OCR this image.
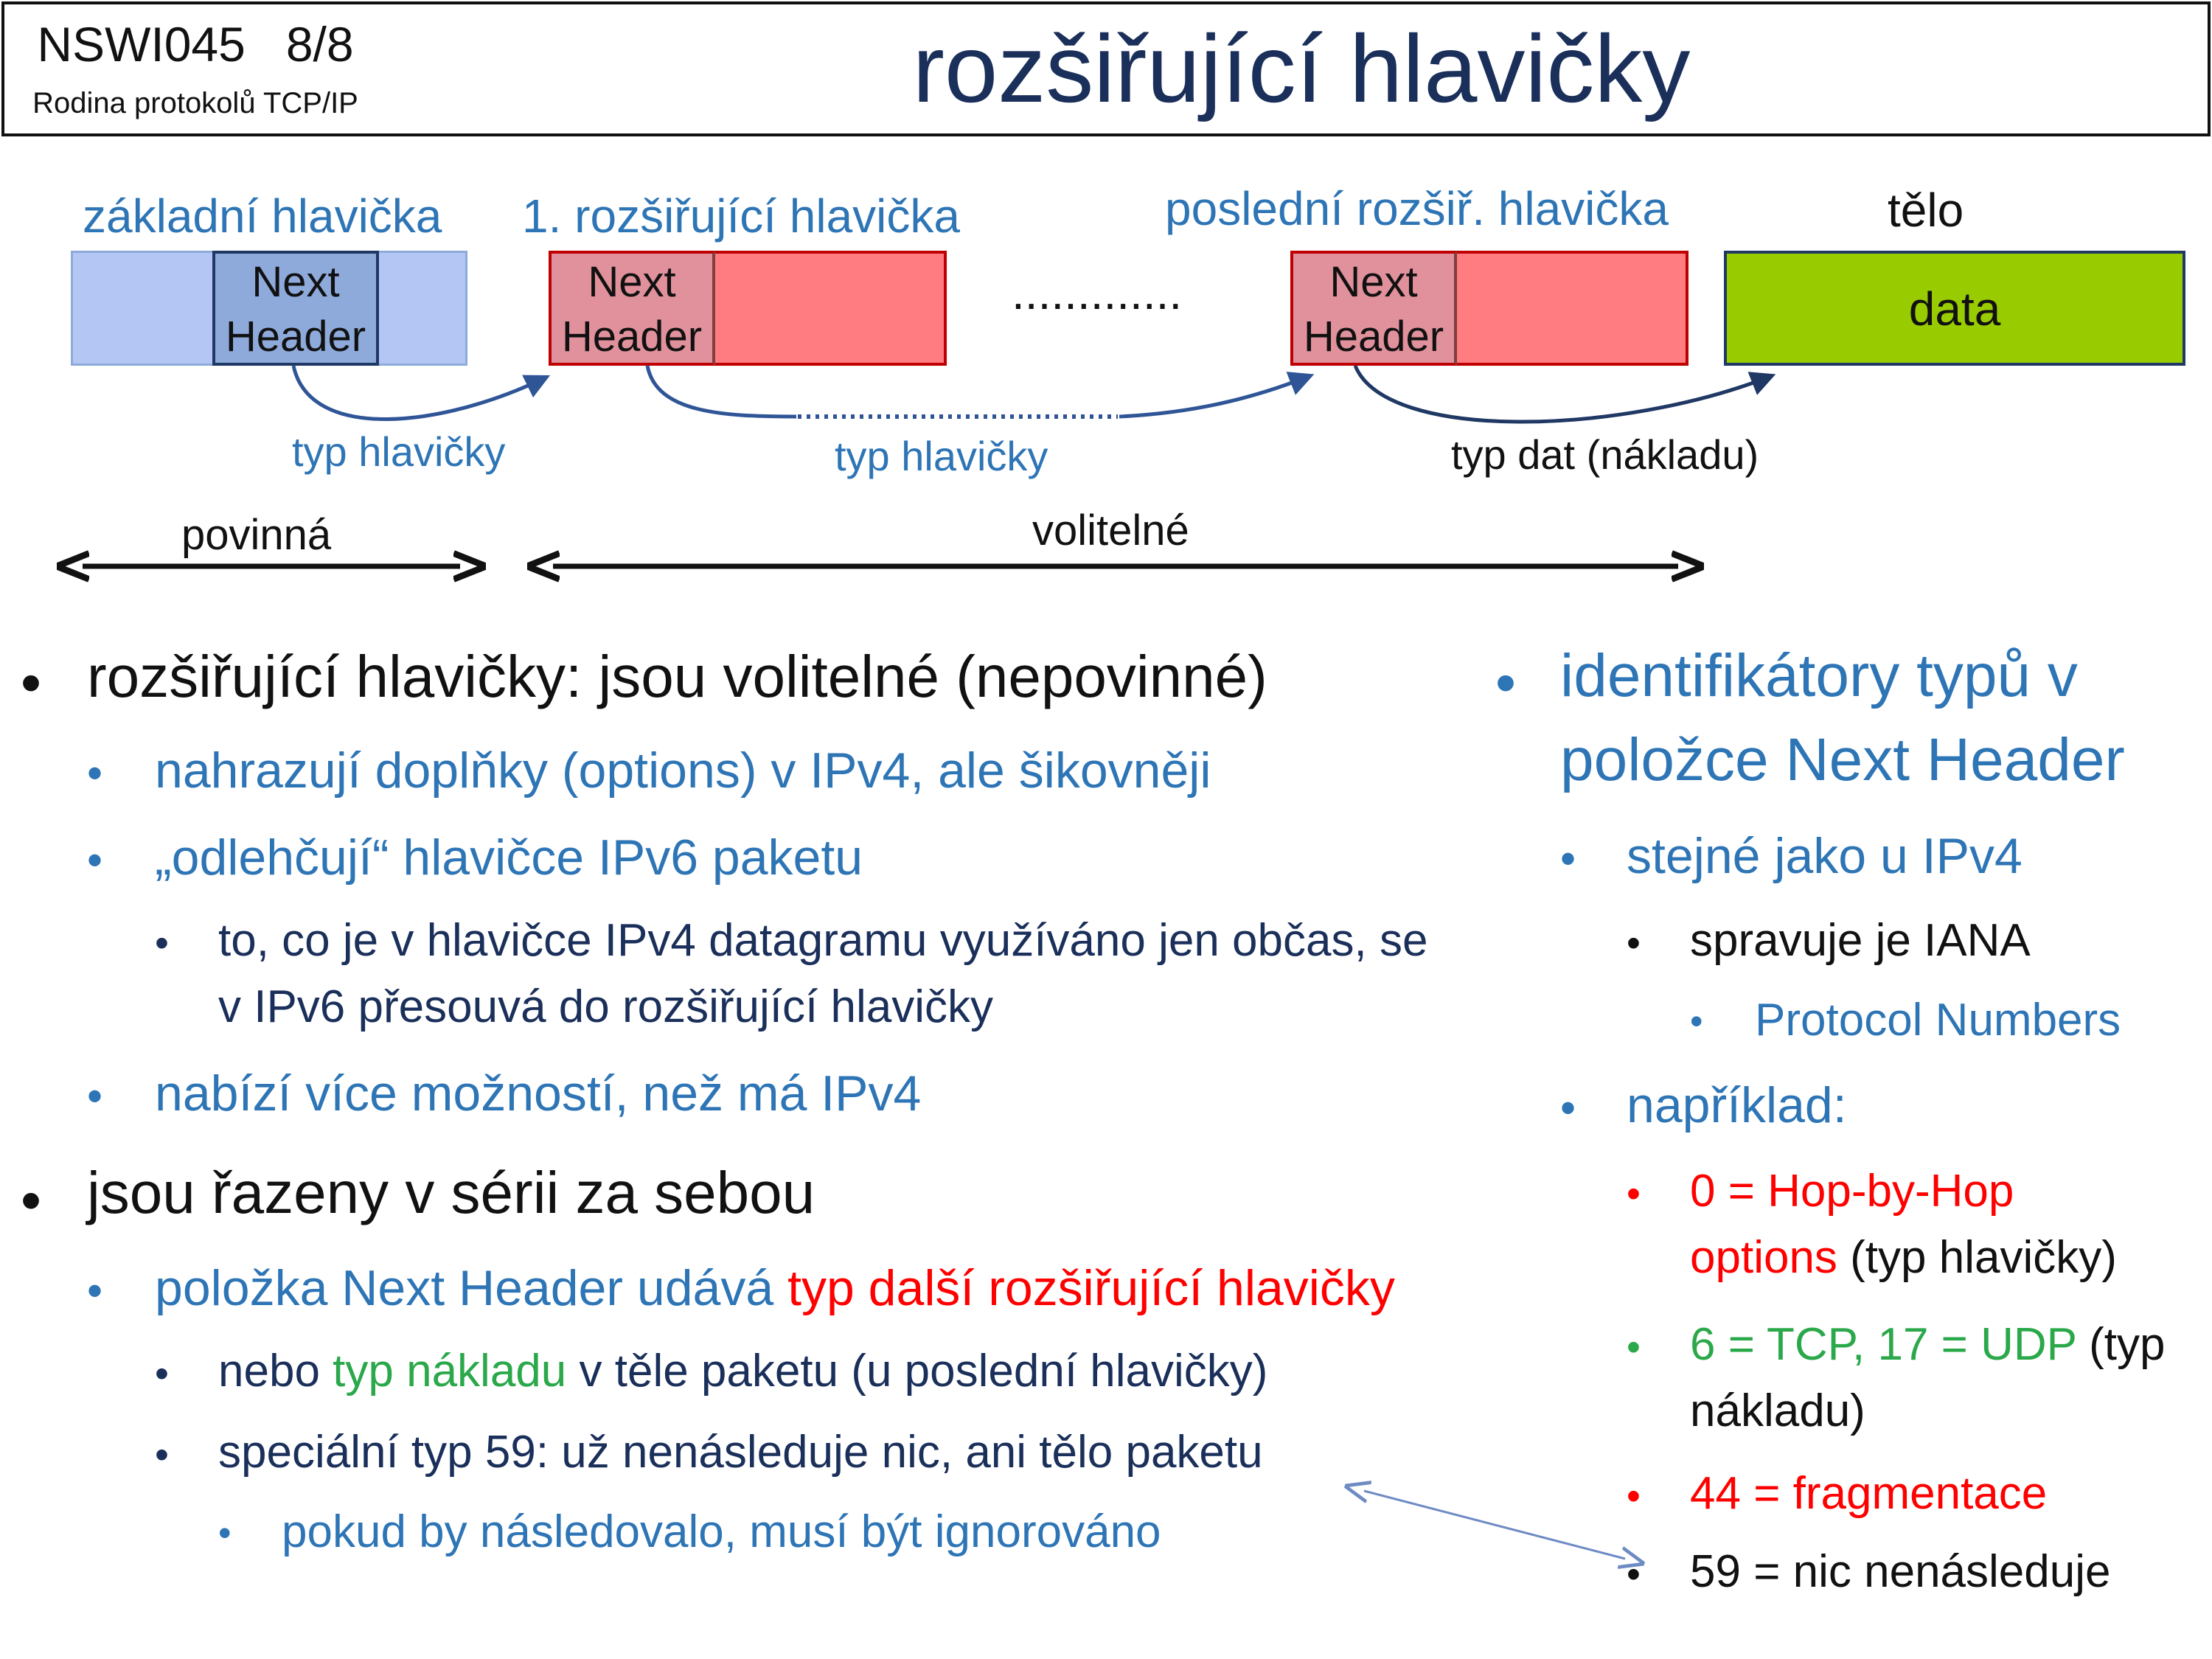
NSWI045   8/8
Rodina protokolů TCP/IP	rozšiřující hlavičky
základní hlavička 1. rozšiřující hlavička	poslední rozšiř. hlavička	tělo
Next
Header
Next
Header
.............	Next
Header
data
typ hlavičky	typ hlavičky	typ dat (nákladu)
povinná	volitelné
• rozšiřující hlavičky: jsou volitelné (nepovinné)
• nahrazují doplňky (options) v IPv4, ale šikovněji
• „odlehčují“ hlavičce IPv6 paketu
• to, co je v hlavičce IPv4 datagramu využíváno jen občas, se
v IPv6 přesouvá do rozšiřující hlavičky
• nabízí více možností, než má IPv4
• jsou řazeny v sérii za sebou
• položka Next Header udává typ další rozšiřující hlavičky
• nebo typ nákladu v těle paketu (u poslední hlavičky)
• speciální typ 59: už nenásleduje nic, ani tělo paketu
• pokud by následovalo, musí být ignorováno
• identifikátory typů v
položce Next Header
• stejné jako u IPv4
• spravuje je IANA
• Protocol Numbers
• například:
• 0 = Hop-by-Hop
options (typ hlavičky)
• 6 = TCP, 17 = UDP (typ
nákladu)
• 44 = fragmentace
• 59 = nic nenásleduje
